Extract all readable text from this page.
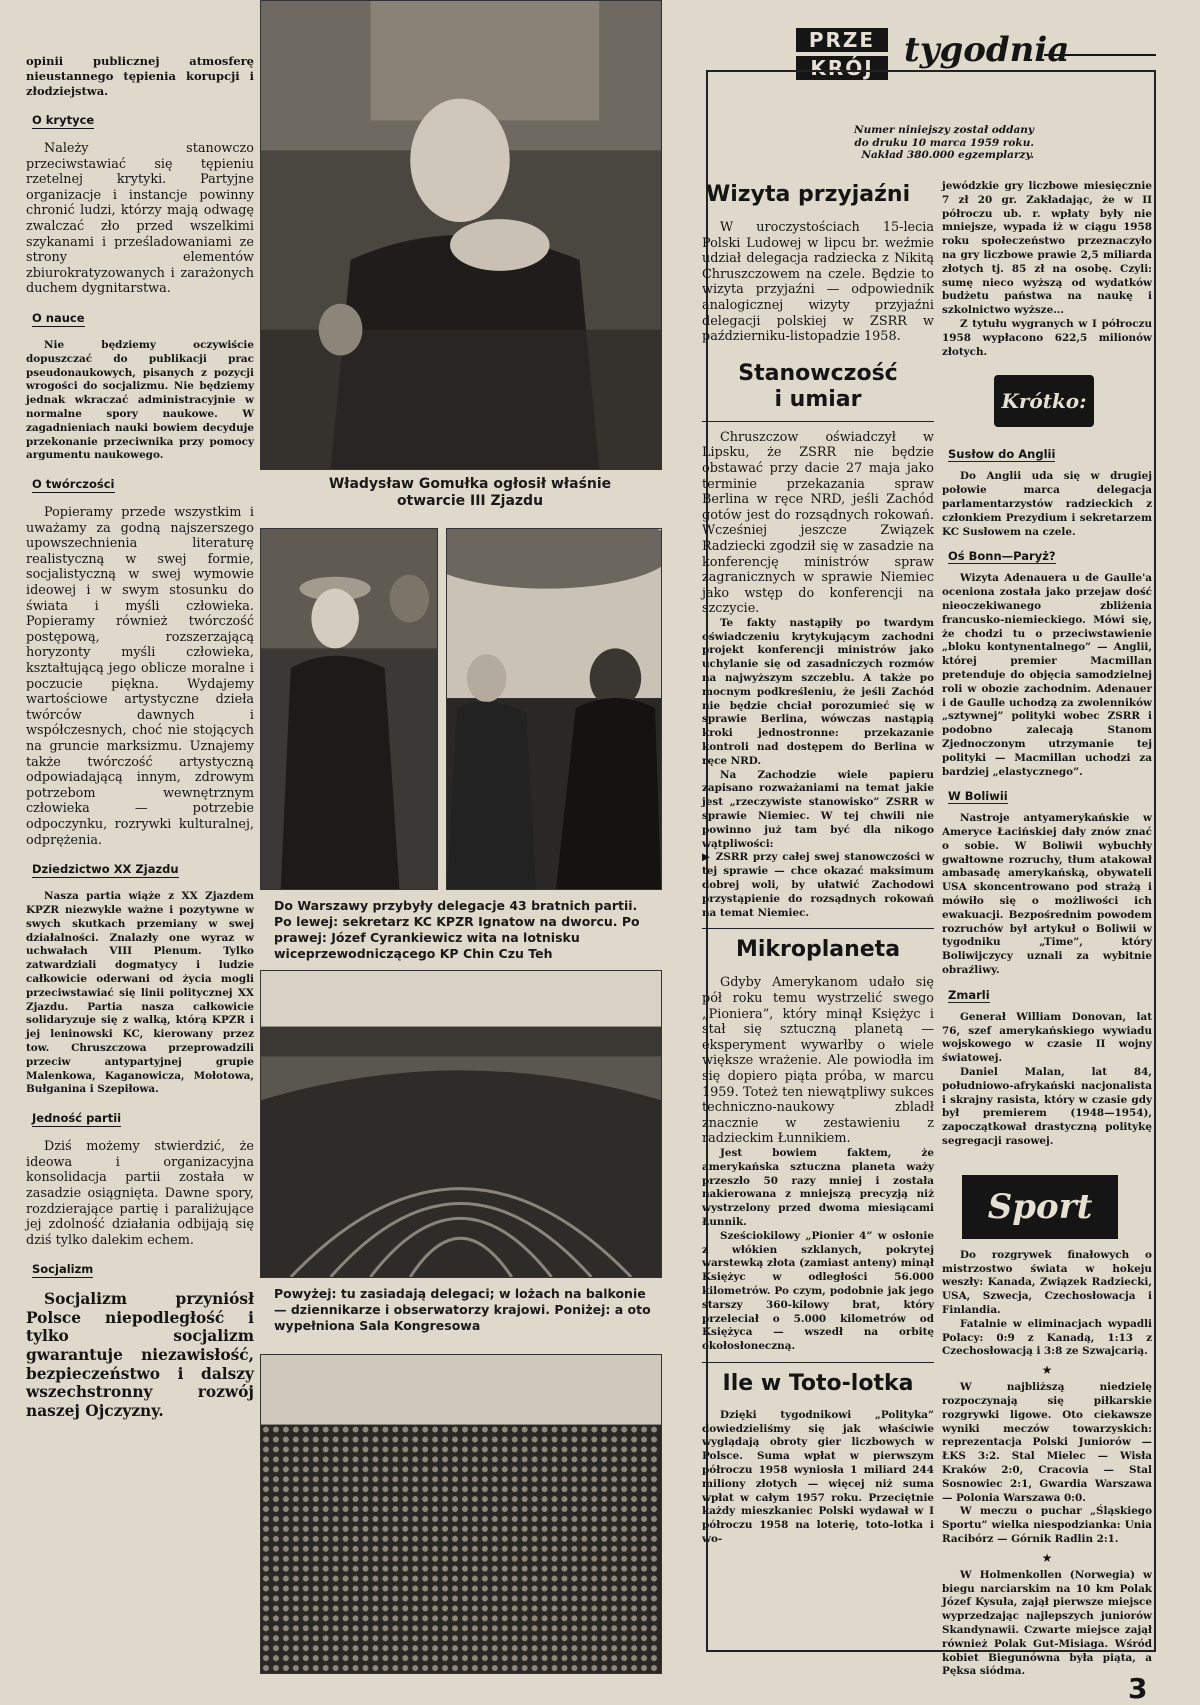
opinii publicznej atmosferę nieustannego tępienia korupcji i złodziejstwa.

O krytyce

Należy stanowczo przeciwstawiać się tępieniu rzetelnej krytyki. Partyjne organizacje i instancje powinny chronić ludzi, którzy mają odwagę zwalczać zło przed wszelkimi szykanami i prześladowaniami ze strony elementów zbiurokratyzowanych i zarażonych duchem dygnitarstwa.

O nauce

Nie będziemy oczywiście dopuszczać do publikacji prac pseudonaukowych, pisanych z pozycji wrogości do socjalizmu. Nie będziemy jednak wkraczać administracyjnie w normalne spory naukowe. W zagadnieniach nauki bowiem decyduje przekonanie przeciwnika przy pomocy argumentu naukowego.

O twórczości

Popieramy przede wszystkim i uważamy za godną najszerszego upowszechnienia literaturę realistyczną w swej formie, socjalistyczną w swej wymowie ideowej i w swym stosunku do świata i myśli człowieka. Popieramy również twórczość postępową, rozszerzającą horyzonty myśli człowieka, kształtującą jego oblicze moralne i poczucie piękna. Wydajemy wartościowe artystyczne dzieła twórców dawnych i współczesnych, choć nie stojących na gruncie marksizmu. Uznajemy także twórczość artystyczną odpowiadającą innym, zdrowym potrzebom wewnętrznym człowieka — potrzebie odpoczynku, rozrywki kulturalnej, odprężenia.

Dziedzictwo XX Zjazdu

Nasza partia wiąże z XX Zjazdem KPZR niezwykle ważne i pozytywne w swych skutkach przemiany w swej działalności. Znalazły one wyraz w uchwałach VIII Plenum. Tylko zatwardziali dogmatycy i ludzie całkowicie oderwani od życia mogli przeciwstawiać się linii politycznej XX Zjazdu. Partia nasza całkowicie solidaryzuje się z walką, którą KPZR i jej leninowski KC, kierowany przez tow. Chruszczowa przeprowadzili przeciw antypartyjnej grupie Malenkowa, Kaganowicza, Mołotowa, Bułganina i Szepiłowa.

Jedność partii

Dziś możemy stwierdzić, że ideowa i organizacyjna konsolidacja partii została w zasadzie osiągnięta. Dawne spory, rozdzierające partię i paraliżujące jej zdolność działania odbijają się dziś tylko dalekim echem.

Socjalizm

Socjalizm przyniósł Polsce niepodległość i tylko socjalizm gwarantuje niezawisłość, bezpieczeństwo i dalszy wszechstronny rozwój naszej Ojczyzny.

Władysław Gomułka ogłosił właśnie otwarcie III Zjazdu
Do Warszawy przybyły delegacje 43 bratnich partii. Po lewej: sekretarz KC KPZR Ignatow na dworcu. Po prawej: Józef Cyrankiewicz wita na lotnisku wiceprzewodniczącego KP Chin Czu Teh
Powyżej: tu zasiadają delegaci; w lożach na balkonie — dziennikarze i obserwatorzy krajowi. Poniżej: a oto wypełniona Sala Kongresowa
PRZE
KRÓJ tygodnia
Numer niniejszy został oddany
do druku 10 marca 1959 roku.
Nakład 380.000 egzemplarzy.
Wizyta przyjaźni

W uroczystościach 15-lecia Polski Ludowej w lipcu br. weźmie udział delegacja radziecka z Nikitą Chruszczowem na czele. Będzie to wizyta przyjaźni — odpowiednik analogicznej wizyty przyjaźni delegacji polskiej w ZSRR w październiku-listopadzie 1958.

Stanowczość
i umiar

Chruszczow oświadczył w Lipsku, że ZSRR nie będzie obstawać przy dacie 27 maja jako terminie przekazania spraw Berlina w ręce NRD, jeśli Zachód gotów jest do rozsądnych rokowań. Wcześniej jeszcze Związek Radziecki zgodził się w zasadzie na konferencję ministrów spraw zagranicznych w sprawie Niemiec jako wstęp do konferencji na szczycie.

Te fakty nastąpiły po twardym oświadczeniu krytykującym zachodni projekt konferencji ministrów jako uchylanie się od zasadniczych rozmów na najwyższym szczeblu. A także po mocnym podkreśleniu, że jeśli Zachód nie będzie chciał porozumieć się w sprawie Berlina, wówczas nastąpią kroki jednostronne: przekazanie kontroli nad dostępem do Berlina w ręce NRD.

Na Zachodzie wiele papieru zapisano rozważaniami na temat jakie jest „rzeczywiste stanowisko” ZSRR w sprawie Niemiec. W tej chwili nie powinno już tam być dla nikogo wątpliwości:

▶ ZSRR przy całej swej stanowczości w tej sprawie — chce okazać maksimum dobrej woli, by ułatwić Zachodowi przystąpienie do rozsądnych rokowań na temat Niemiec.

Mikroplaneta

Gdyby Amerykanom udało się pół roku temu wystrzelić swego „Pioniera”, który minął Księżyc i stał się sztuczną planetą — eksperyment wywarłby o wiele większe wrażenie. Ale powiodła im się dopiero piąta próba, w marcu 1959. Toteż ten niewątpliwy sukces techniczno-naukowy zbladł znacznie w zestawieniu z radzieckim Łunnikiem.

Jest bowiem faktem, że amerykańska sztuczna planeta waży przeszło 50 razy mniej i została nakierowana z mniejszą precyzją niż wystrzelony przed dwoma miesiącami Łunnik.

Sześciokilowy „Pionier 4” w osłonie z włókien szklanych, pokrytej warstewką złota (zamiast anteny) minął Księżyc w odległości 56.000 kilometrów. Po czym, podobnie jak jego starszy 360-kilowy brat, który przeleciał o 5.000 kilometrów od Księżyca — wszedł na orbitę okołosłoneczną.

Ile w Toto-lotka

Dzięki tygodnikowi „Polityka” dowiedzieliśmy się jak właściwie wyglądają obroty gier liczbowych w Polsce. Suma wpłat w pierwszym półroczu 1958 wyniosła 1 miliard 244 miliony złotych — więcej niż suma wpłat w całym 1957 roku. Przeciętnie każdy mieszkaniec Polski wydawał w I półroczu 1958 na loterię, toto-lotka i wo-

jewódzkie gry liczbowe miesięcznie 7 zł 20 gr. Zakładając, że w II półroczu ub. r. wpłaty były nie mniejsze, wypada iż w ciągu 1958 roku społeczeństwo przeznaczyło na gry liczbowe prawie 2,5 miliarda złotych tj. 85 zł na osobę. Czyli: sumę nieco wyższą od wydatków budżetu państwa na naukę i szkolnictwo wyższe...

Z tytułu wygranych w I półroczu 1958 wypłacono 622,5 milionów złotych.

Krótko:
Susłow do Anglii

Do Anglii uda się w drugiej połowie marca delegacja parlamentarzystów radzieckich z członkiem Prezydium i sekretarzem KC Susłowem na czele.

Oś Bonn—Paryż?

Wizyta Adenauera u de Gaulle'a oceniona została jako przejaw dość nieoczekiwanego zbliżenia francusko-niemieckiego. Mówi się, że chodzi tu o przeciwstawienie „bloku kontynentalnego” — Anglii, której premier Macmillan pretenduje do objęcia samodzielnej roli w obozie zachodnim. Adenauer i de Gaulle uchodzą za zwolenników „sztywnej” polityki wobec ZSRR i podobno zalecają Stanom Zjednoczonym utrzymanie tej polityki — Macmillan uchodzi za bardziej „elastycznego”.

W Boliwii

Nastroje antyamerykańskie w Ameryce Łacińskiej dały znów znać o sobie. W Boliwii wybuchły gwałtowne rozruchy, tłum atakował ambasadę amerykańską, obywateli USA skoncentrowano pod strażą i mówiło się o możliwości ich ewakuacji. Bezpośrednim powodem rozruchów był artykuł o Boliwii w tygodniku „Time”, który Boliwijczycy uznali za wybitnie obraźliwy.

Zmarli

Generał William Donovan, lat 76, szef amerykańskiego wywiadu wojskowego w czasie II wojny światowej.

Daniel Malan, lat 84, południowo-afrykański nacjonalista i skrajny rasista, który w czasie gdy był premierem (1948—1954), zapoczątkował drastyczną politykę segregacji rasowej.

Sport

Do rozgrywek finałowych o mistrzostwo świata w hokeju weszły: Kanada, Związek Radziecki, USA, Szwecja, Czechosłowacja i Finlandia.

Fatalnie w eliminacjach wypadli Polacy: 0:9 z Kanadą, 1:13 z Czechosłowacją i 3:8 ze Szwajcarią.

★

W najbliższą niedzielę rozpoczynają się piłkarskie rozgrywki ligowe. Oto ciekawsze wyniki meczów towarzyskich: reprezentacja Polski Juniorów — ŁKS 3:2. Stal Mielec — Wisła Kraków 2:0, Cracovia — Stal Sosnowiec 2:1, Gwardia Warszawa — Polonia Warszawa 0:0.

W meczu o puchar „Śląskiego Sportu” wielka niespodzianka: Unia Racibórz — Górnik Radlin 2:1.

★

W Holmenkollen (Norwegia) w biegu narciarskim na 10 km Polak Józef Kysuła, zajął pierwsze miejsce wyprzedzając najlepszych juniorów Skandynawii. Czwarte miejsce zajął również Polak Gut-Misiaga. Wśród kobiet Biegunówna była piąta, a Pęksa siódma.

3
